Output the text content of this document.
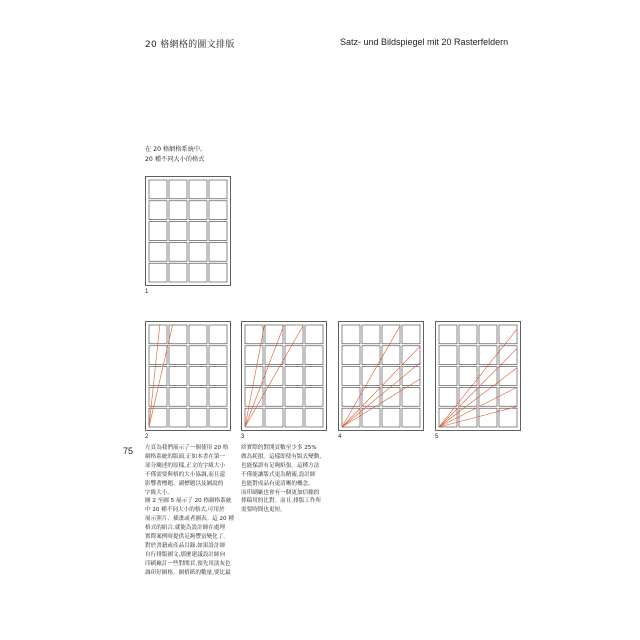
20 格網格的圖文排版	Satz- und Bildspiegel mit 20 Rasterfeldern
在 20 格網格系統中,
20 種不同大小的格式
1
2	3	4	5
75 左頁為我們展示了一個使用 20 格

網格系統的版面,正如本書在第一

部分闡述的原樣,正文的字級大小

不僅需要與格的大小協調,而且還

影響著標題、副標題以及圖說的

字級大小。

圖 2 至圖 5 展示了 20 格網格系統

中 20 種不同大小的格式,可用於

展示照片、插畫或者圖表。這 20 種

格式的組合,就能為設計師在處理

實際案例時提供足夠豐富變化了。

對於書籍或產品目錄,如果設計師

自行排版圖文,那麼建議設計師向

印刷廠訂一些對開頁,預先用淡灰色

調印好網格。網格紙的數量,要比最

終實際的對開頁數至少多 25%

做為耗損。這樣即使有版式變動,

也能保證有足夠紙張。這種方法

不僅能讓版式更為精確,設計師

也能對成品有更清晰的概念。

而印刷廠也會有一個更加信賴的

排稿用的比對。而且,排版工作所

需要時間也更短。
